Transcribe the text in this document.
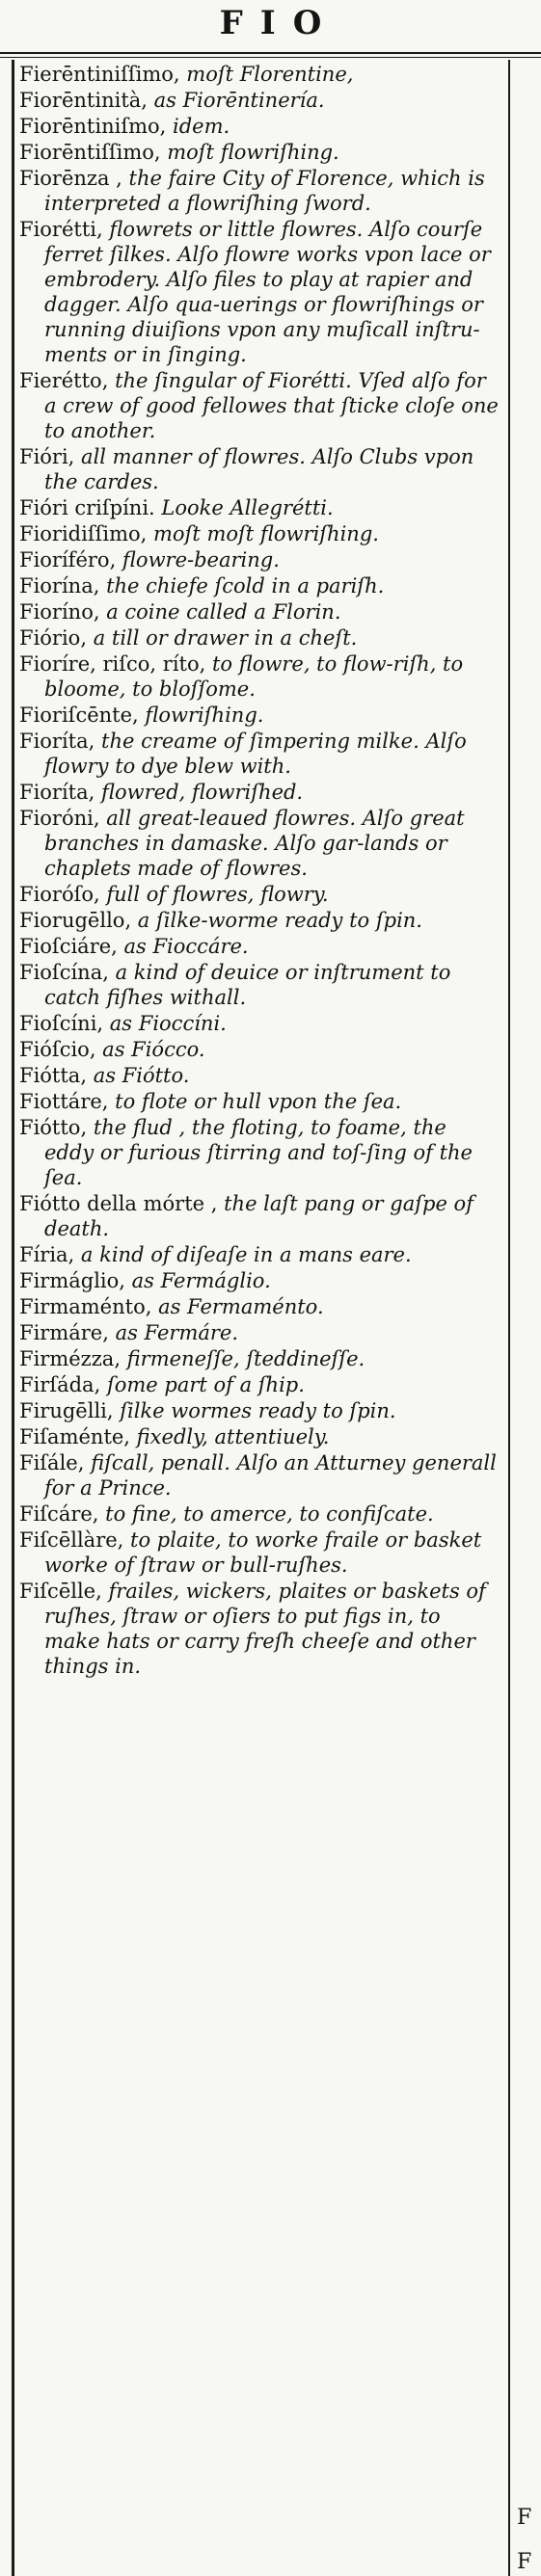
FIO
Fierēntiniſſimo, moſt Florentine,
Fiorēntinità, as Fiorēntinería.
Fiorēntiniſmo, idem.
Fiorēntiſſimo, moſt flowriſhing.
Fiorēnza , the faire City of Florence, which is interpreted a flowriſhing ſword.
Fiorétti, flowrets or little flowres. Alſo courſe ferret ſilkes. Alſo flowre works vpon lace or embrodery. Alſo files to play at rapier and dagger. Alſo qua-uerings or flowriſhings or running diuiſions vpon any muſicall inſtru-ments or in ſinging.
Fierétto, the ſingular of Fiorétti. Vſed alſo for a crew of good fellowes that ſticke cloſe one to another.
Fióri, all manner of flowres. Alſo Clubs vpon the cardes.
Fióri criſpíni. Looke Allegrétti.
Fioridiſſimo, moſt moſt flowriſhing.
Fioríféro, flowre-bearing.
Fiorína, the chiefe ſcold in a pariſh.
Fioríno, a coine called a Florin.
Fiório, a till or drawer in a cheſt.
Fioríre, riſco, ríto, to flowre, to flow-riſh, to bloome, to bloſſome.
Fioriſcēnte, flowriſhing.
Fioríta, the creame of ſimpering milke. Alſo flowry to dye blew with.
Fioríta, flowred, flowriſhed.
Fioróni, all great-leaued flowres. Alſo great branches in damaske. Alſo gar-lands or chaplets made of flowres.
Fioróſo, full of flowres, flowry.
Fiorugēllo, a ſilke-worme ready to ſpin.
Fioſciáre, as Fioccáre.
Fioſcína, a kind of deuice or inſtrument to catch fiſhes withall.
Fioſcíni, as Fioccíni.
Fióſcio, as Fiócco.
Fiótta, as Fiótto.
Fiottáre, to flote or hull vpon the ſea.
Fiótto, the flud , the floting, to foame, the eddy or furious ſtirring and toſ-ſing of the ſea.
Fiótto della mórte , the laſt pang or gaſpe of death.
Fíria, a kind of diſeaſe in a mans eare.
Firmáglio, as Fermáglio.
Firmaménto, as Fermaménto.
Firmáre, as Fermáre.
Firmézza, firmeneſſe, ſteddineſſe.
Firſáda, ſome part of a ſhip.
Firugēlli, ſilke wormes ready to ſpin.
Fiſaménte, fixedly, attentiuely.
Fiſále, fiſcall, penall. Alſo an Atturney generall for a Prince.
Fiſcáre, to fine, to amerce, to confiſcate.
Fiſcēllàre, to plaite, to worke fraile or basket worke of ſtraw or bull-ruſhes.
Fiſcēlle, frailes, wickers, plaites or baskets of ruſhes, ſtraw or oſiers to put figs in, to make hats or carry freſh cheeſe and other things in.
F
F
